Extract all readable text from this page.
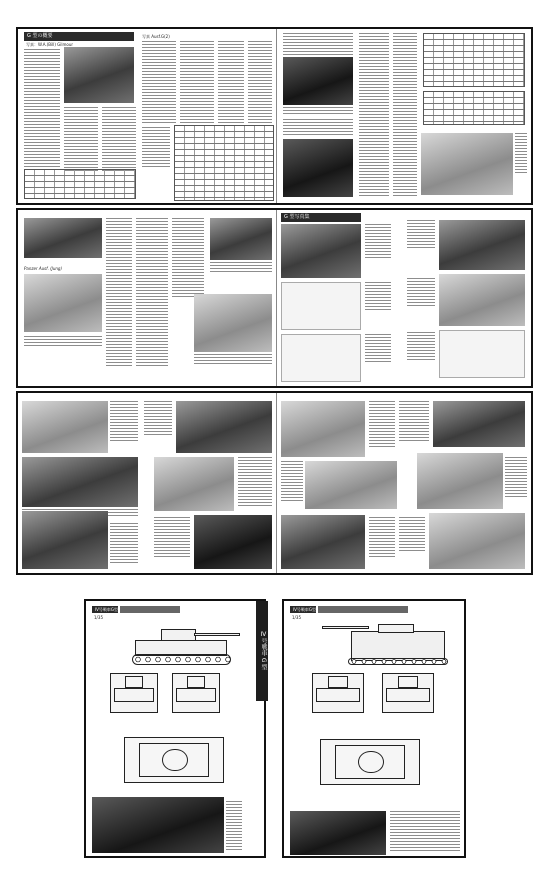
G 型の概要
写真：W.A.(Bill) Gilmour
写真 Ausf.G(2)
Panzer Ausf. (Jung)
G 型写真集
IV号戦車G型
1/35
Ⅳ号戦車 G 型
IV号戦車G型
1/35
